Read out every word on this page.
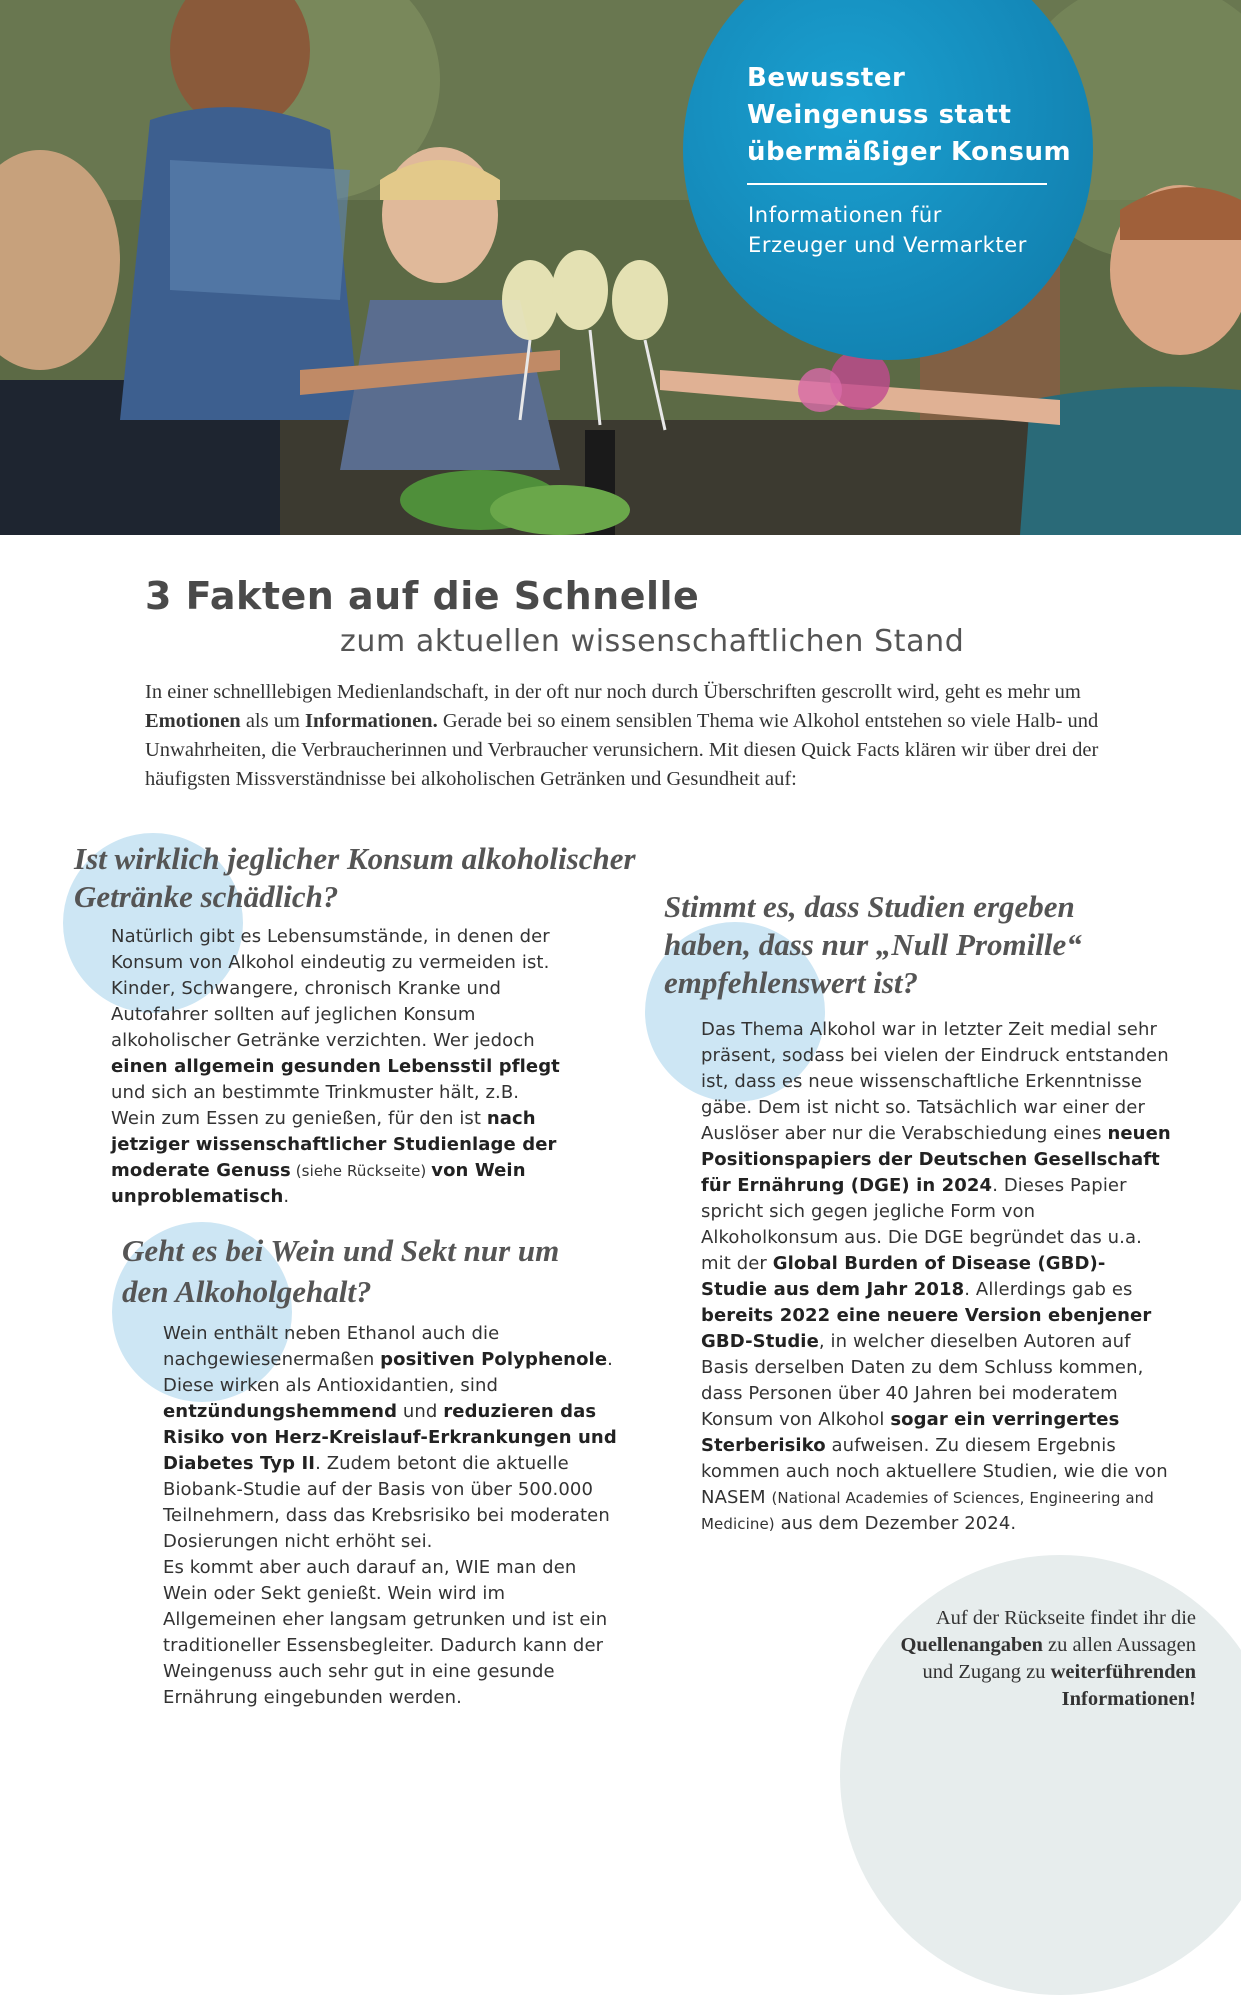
Bewusster
Weingenuss statt
übermäßiger Konsum
Informationen für
Erzeuger und Vermarkter
3 Fakten auf die Schnelle
zum aktuellen wissenschaftlichen Stand
In einer schnelllebigen Medienlandschaft, in der oft nur noch durch Überschriften gescrollt wird, geht es mehr um Emotionen als um Informationen. Gerade bei so einem sensiblen Thema wie Alkohol entstehen so viele Halb- und Unwahrheiten, die Verbraucherinnen und Verbraucher verunsichern. Mit diesen Quick Facts klären wir über drei der häufigsten Missverständnisse bei alkoholischen Getränken und Gesundheit auf:
Ist wirklich jeglicher Konsum alkoholischer
Getränke schädlich?
Natürlich gibt es Lebensumstände, in denen der Konsum von Alkohol eindeutig zu vermeiden ist. Kinder, Schwangere, chronisch Kranke und Autofahrer sollten auf jeglichen Konsum alkoholischer Getränke verzichten. Wer jedoch einen allgemein gesunden Lebensstil pflegt und sich an bestimmte Trinkmuster hält, z.B. Wein zum Essen zu genießen, für den ist nach jetziger wissenschaftlicher Studienlage der moderate Genuss (siehe Rückseite) von Wein unproblematisch.
Geht es bei Wein und Sekt nur um
den Alkoholgehalt?
Wein enthält neben Ethanol auch die nachgewiesenermaßen positiven Polyphenole. Diese wirken als Antioxidantien, sind entzündungshemmend und reduzieren das Risiko von Herz-Kreislauf-Erkrankungen und Diabetes Typ II. Zudem betont die aktuelle Biobank-Studie auf der Basis von über 500.000 Teilnehmern, dass das Krebsrisiko bei moderaten Dosierungen nicht erhöht sei.
Es kommt aber auch darauf an, WIE man den Wein oder Sekt genießt. Wein wird im Allgemeinen eher langsam getrunken und ist ein traditioneller Essensbegleiter. Dadurch kann der Weingenuss auch sehr gut in eine gesunde Ernährung eingebunden werden.
Stimmt es, dass Studien ergeben
haben, dass nur „Null Promille“
empfehlenswert ist?
Das Thema Alkohol war in letzter Zeit medial sehr präsent, sodass bei vielen der Eindruck entstanden ist, dass es neue wissenschaftliche Erkenntnisse gäbe. Dem ist nicht so. Tatsächlich war einer der Auslöser aber nur die Verabschiedung eines neuen Positionspapiers der Deutschen Gesellschaft für Ernährung (DGE) in 2024. Dieses Papier spricht sich gegen jegliche Form von Alkoholkonsum aus. Die DGE begründet das u.a. mit der Global Burden of Disease (GBD)-Studie aus dem Jahr 2018. Allerdings gab es bereits 2022 eine neuere Version ebenjener GBD-Studie, in welcher dieselben Autoren auf Basis derselben Daten zu dem Schluss kommen, dass Personen über 40 Jahren bei moderatem Konsum von Alkohol sogar ein verringertes Sterberisiko aufweisen. Zu diesem Ergebnis kommen auch noch aktuellere Studien, wie die von NASEM (National Academies of Sciences, Engineering and Medicine) aus dem Dezember 2024.
Auf der Rückseite findet ihr die Quellenangaben zu allen Aussagen und Zugang zu weiterführenden Informationen!
